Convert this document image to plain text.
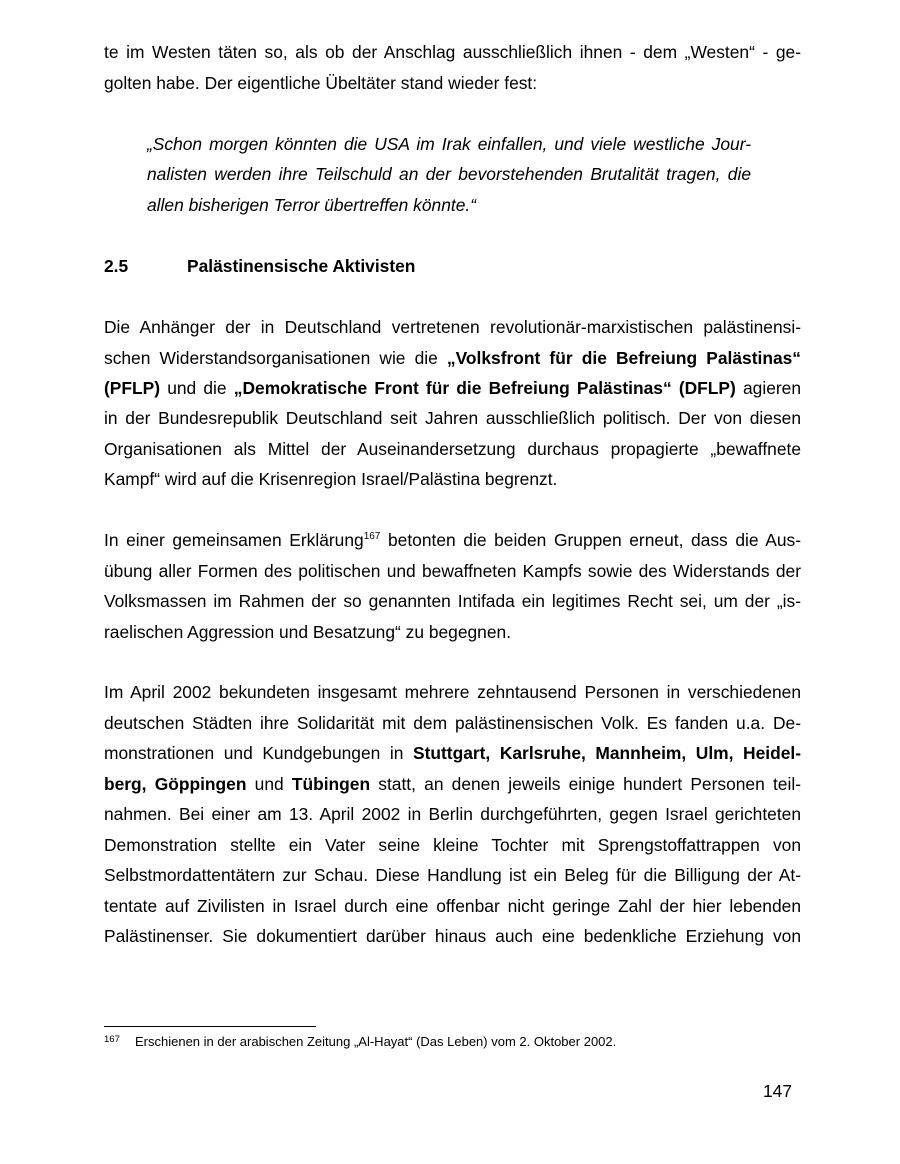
te im Westen täten so, als ob der Anschlag ausschließlich ihnen - dem „Westen“ - ge-
golten habe. Der eigentliche Übeltäter stand wieder fest:
„Schon morgen könnten die USA im Irak einfallen, und viele westliche Jour-
nalisten werden ihre Teilschuld an der bevorstehenden Brutalität tragen, die
allen bisherigen Terror übertreffen könnte.“
2.5	Palästinensische Aktivisten
Die Anhänger der in Deutschland vertretenen revolutionär-marxistischen palästinensi-
schen Widerstandsorganisationen wie die „Volksfront für die Befreiung Palästinas“
(PFLP) und die „Demokratische Front für die Befreiung Palästinas“ (DFLP) agieren
in der Bundesrepublik Deutschland seit Jahren ausschließlich politisch. Der von diesen
Organisationen als Mittel der Auseinandersetzung durchaus propagierte „bewaffnete
Kampf“ wird auf die Krisenregion Israel/Palästina begrenzt.
In einer gemeinsamen Erklärung$^{167}$ betonten die beiden Gruppen erneut, dass die Aus-
übung aller Formen des politischen und bewaffneten Kampfs sowie des Widerstands der
Volksmassen im Rahmen der so genannten Intifada ein legitimes Recht sei, um der „is-
raelischen Aggression und Besatzung“ zu begegnen.
Im April 2002 bekundeten insgesamt mehrere zehntausend Personen in verschiedenen
deutschen Städten ihre Solidarität mit dem palästinensischen Volk. Es fanden u.a. De-
monstrationen und Kundgebungen in Stuttgart, Karlsruhe, Mannheim, Ulm, Heidel-
berg, Göppingen und Tübingen statt, an denen jeweils einige hundert Personen teil-
nahmen. Bei einer am 13. April 2002 in Berlin durchgeführten, gegen Israel gerichteten
Demonstration stellte ein Vater seine kleine Tochter mit Sprengstoffattrappen von
Selbstmordattentätern zur Schau. Diese Handlung ist ein Beleg für die Billigung der At-
tentate auf Zivilisten in Israel durch eine offenbar nicht geringe Zahl der hier lebenden
Palästinenser. Sie dokumentiert darüber hinaus auch eine bedenkliche Erziehung von
167 Erschienen in der arabischen Zeitung „Al-Hayat“ (Das Leben) vom 2. Oktober 2002.
147
